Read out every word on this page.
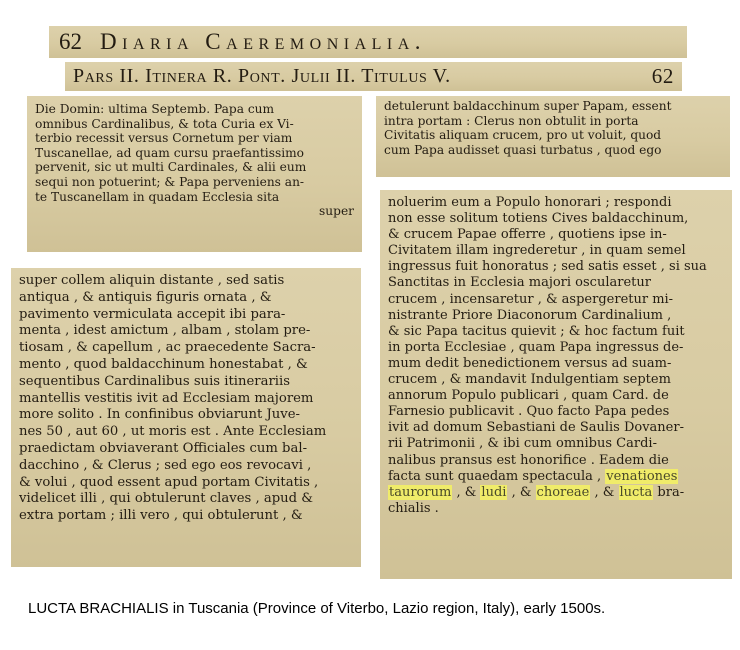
62 Diaria Caeremonialia.
Pars II. Itinera R. Pont. Julii II. Titulus V.	62
Die Domin: ultima Septemb. Papa cum
omnibus Cardinalibus, & tota Curia ex Vi-
terbio recessit versus Cornetum per viam
Tuscanellae, ad quam cursu praefantissimo
pervenit, sic ut multi Cardinales, & alii eum
sequi non potuerint; & Papa perveniens an-
te Tuscanellam in quadam Ecclesia sita
super
detulerunt baldacchinum super Papam, essent
intra portam : Clerus non obtulit in porta
Civitatis aliquam crucem, pro ut voluit, quod
cum Papa audisset quasi turbatus , quod ego
super collem aliquin distante , sed satis
antiqua , & antiquis figuris ornata , &
pavimento vermiculata accepit ibi para-
menta , idest amictum , albam , stolam pre-
tiosam , & capellum , ac praecedente Sacra-
mento , quod baldacchinum honestabat , &
sequentibus Cardinalibus suis itinerariis
mantellis vestitis ivit ad Ecclesiam majorem
more solito . In confinibus obviarunt Juve-
nes 50 , aut 60 , ut moris est . Ante Ecclesiam
praedictam obviaverant Officiales cum bal-
dacchino , & Clerus ; sed ego eos revocavi ,
& volui , quod essent apud portam Civitatis ,
videlicet illi , qui obtulerunt claves , apud &
extra portam ; illi vero , qui obtulerunt , &
noluerim eum a Populo honorari ; respondi
non esse solitum totiens Cives baldacchinum,
& crucem Papae offerre , quotiens ipse in-
Civitatem illam ingrederetur , in quam semel
ingressus fuit honoratus ; sed satis esset , si sua
Sanctitas in Ecclesia majori oscularetur
crucem , incensaretur , & aspergeretur mi-
nistrante Priore Diaconorum Cardinalium ,
& sic Papa tacitus quievit ; & hoc factum fuit
in porta Ecclesiae , quam Papa ingressus de-
mum dedit benedictionem versus ad suam-
crucem , & mandavit Indulgentiam septem
annorum Populo publicari , quam Card. de
Farnesio publicavit . Quo facto Papa pedes
ivit ad domum Sebastiani de Saulis Dovaner-
rii Patrimonii , & ibi cum omnibus Cardi-
nalibus pransus est honorifice . Eadem die
facta sunt quaedam spectacula , venationes
taurorum , & ludi , & choreae , & lucta bra-
chialis .
LUCTA BRACHIALIS in Tuscania (Province of Viterbo, Lazio region, Italy), early 1500s.
